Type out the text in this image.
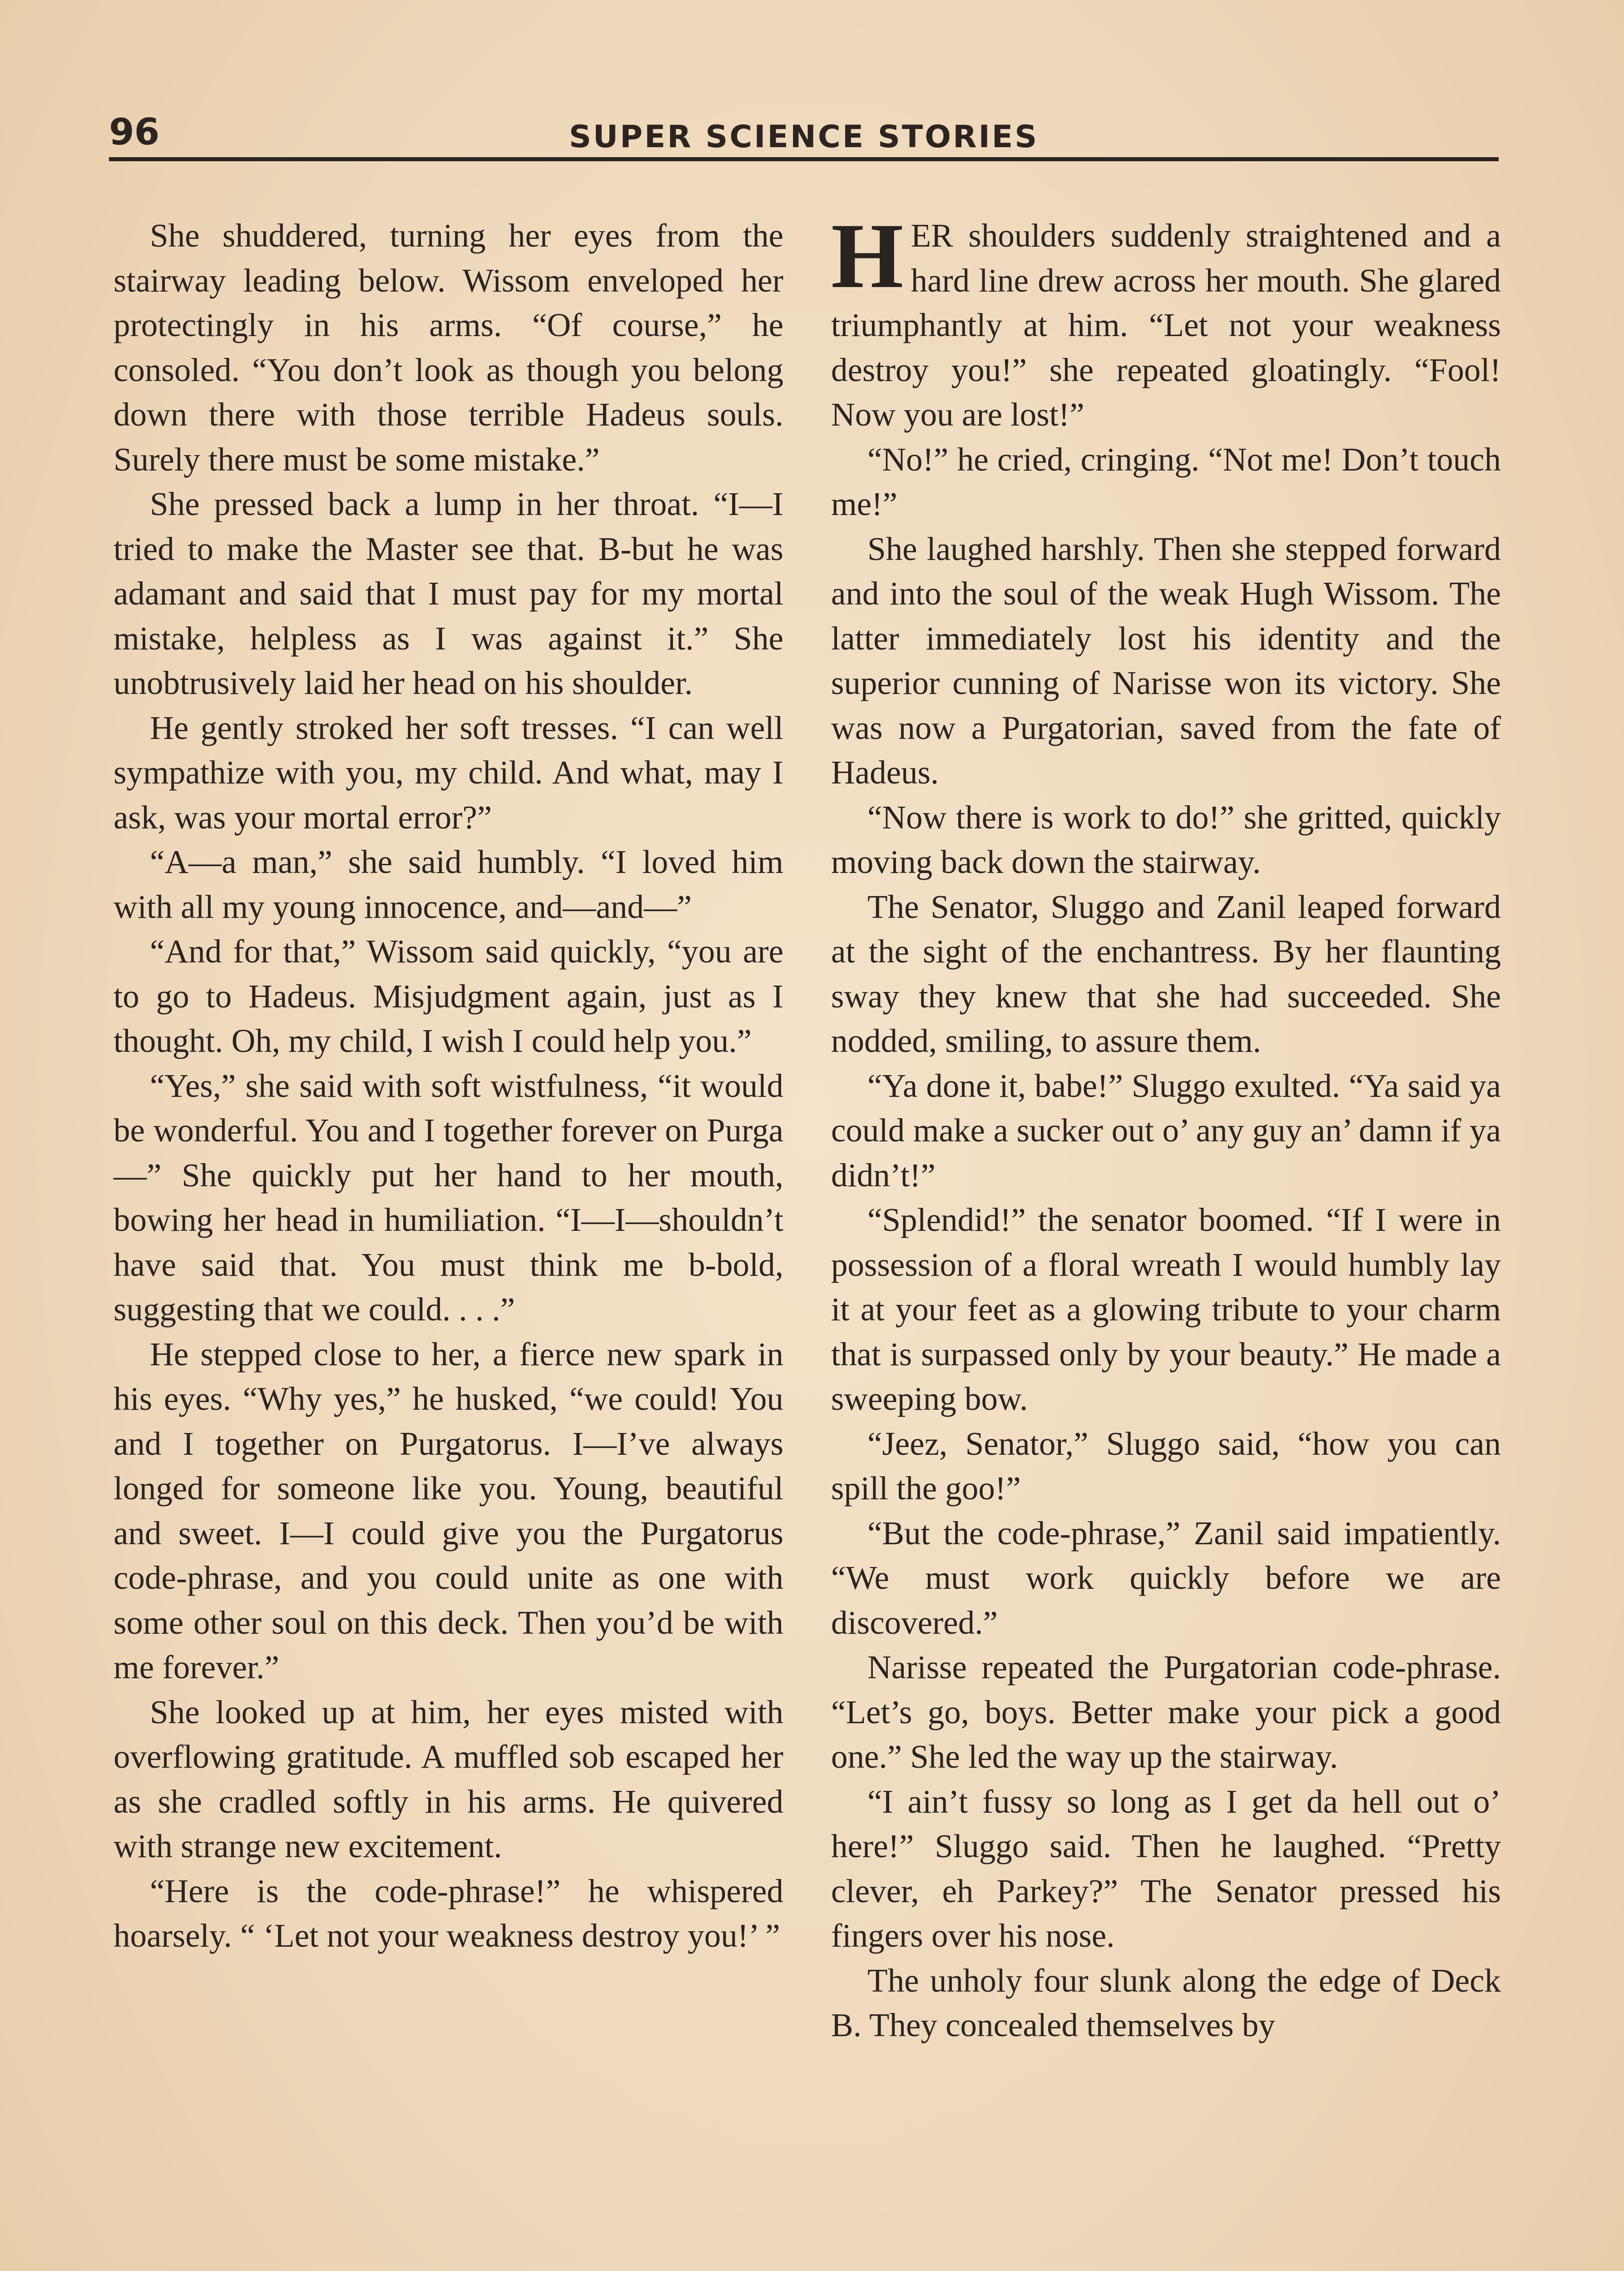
96	SUPER SCIENCE STORIES

She shuddered, turning her eyes from the stairway leading below. Wissom enveloped her protectingly in his arms. “Of course,” he consoled. “You don’t look as though you belong down there with those terrible Hadeus souls. Surely there must be some mistake.”

She pressed back a lump in her throat. “I—I tried to make the Master see that. B-but he was adamant and said that I must pay for my mortal mistake, helpless as I was against it.” She unobtrusively laid her head on his shoulder.

He gently stroked her soft tresses. “I can well sympathize with you, my child. And what, may I ask, was your mortal error?”

“A—a man,” she said humbly. “I loved him with all my young innocence, and—and—”

“And for that,” Wissom said quickly, “you are to go to Hadeus. Misjudgment again, just as I thought. Oh, my child, I wish I could help you.”

“Yes,” she said with soft wistfulness, “it would be wonderful. You and I together forever on Purga—” She quickly put her hand to her mouth, bowing her head in humiliation. “I—I—shouldn’t have said that. You must think me b-bold, suggesting that we could. . . .”

He stepped close to her, a fierce new spark in his eyes. “Why yes,” he husked, “we could! You and I together on Purgatorus. I—I’ve always longed for someone like you. Young, beautiful and sweet. I—I could give you the Purgatorus code-phrase, and you could unite as one with some other soul on this deck. Then you’d be with me forever.”

She looked up at him, her eyes misted with overflowing gratitude. A muffled sob escaped her as she cradled softly in his arms. He quivered with strange new excitement.

“Here is the code-phrase!” he whispered hoarsely. “ ‘Let not your weakness destroy you!’ ”

HER shoulders suddenly straightened and a hard line drew across her mouth. She glared triumphantly at him. “Let not your weakness destroy you!” she repeated gloatingly. “Fool! Now you are lost!”

“No!” he cried, cringing. “Not me! Don’t touch me!”

She laughed harshly. Then she stepped forward and into the soul of the weak Hugh Wissom. The latter immediately lost his identity and the superior cunning of Narisse won its victory. She was now a Purgatorian, saved from the fate of Hadeus.

“Now there is work to do!” she gritted, quickly moving back down the stairway.

The Senator, Sluggo and Zanil leaped forward at the sight of the enchantress. By her flaunting sway they knew that she had succeeded. She nodded, smiling, to assure them.

“Ya done it, babe!” Sluggo exulted. “Ya said ya could make a sucker out o’ any guy an’ damn if ya didn’t!”

“Splendid!” the senator boomed. “If I were in possession of a floral wreath I would humbly lay it at your feet as a glowing tribute to your charm that is surpassed only by your beauty.” He made a sweeping bow.

“Jeez, Senator,” Sluggo said, “how you can spill the goo!”

“But the code-phrase,” Zanil said impatiently. “We must work quickly before we are discovered.”

Narisse repeated the Purgatorian code-phrase. “Let’s go, boys. Better make your pick a good one.” She led the way up the stairway.

“I ain’t fussy so long as I get da hell out o’ here!” Sluggo said. Then he laughed. “Pretty clever, eh Parkey?” The Senator pressed his fingers over his nose.

The unholy four slunk along the edge of Deck B. They concealed themselves by
